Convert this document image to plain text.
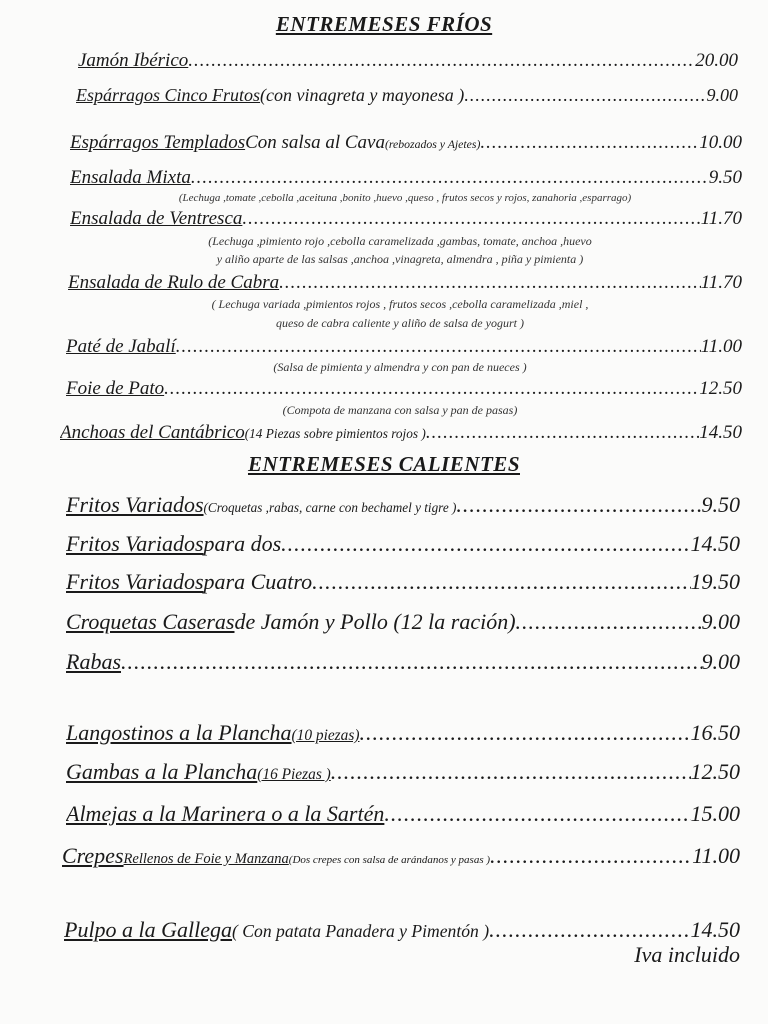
ENTREMESES FRÍOS
Jamón Ibérico .....	20.00
Espárragos Cinco Frutos (con vinagreta y mayonesa ) .....	9.00
Espárragos Templados Con salsa al Cava (rebozados y Ajetes) .....	10.00
Ensalada Mixta .....	9.50
(Lechuga ,tomate ,cebolla ,aceituna ,bonito ,huevo ,queso , frutos secos y rojos, zanahoria ,esparrago)
Ensalada de Ventresca .....	11.70
(Lechuga ,pimiento rojo ,cebolla caramelizada ,gambas, tomate, anchoa ,huevo
y aliño aparte de las salsas ,anchoa ,vinagreta, almendra , piña y pimienta )
Ensalada de Rulo de Cabra .....	11.70
( Lechuga variada ,pimientos rojos , frutos secos ,cebolla caramelizada ,miel ,
queso de cabra caliente y aliño de salsa de yogurt )
Paté de Jabalí .....	11.00
(Salsa de pimienta y almendra y con pan de nueces )
Foie de Pato .....	12.50
(Compota de manzana con salsa y pan de pasas)
Anchoas del Cantábrico (14 Piezas sobre pimientos rojos ) .....	14.50
ENTREMESES CALIENTES
Fritos Variados (Croquetas ,rabas, carne con bechamel y tigre ) .....	9.50
Fritos Variados para dos .....	14.50
Fritos Variados para Cuatro .....	19.50
Croquetas Caseras de Jamón y Pollo (12 la ración) .....	9.00
Rabas .....	9.00
Langostinos a la Plancha (10 piezas) .....	16.50
Gambas a la Plancha (16 Piezas ) .....	12.50
Almejas a la Marinera o a la Sartén .....	15.00
Crepes Rellenos de Foie y Manzana (Dos crepes con salsa de arándanos y pasas ) .....	11.00
Pulpo a la Gallega ( Con patata Panadera y Pimentón ) .....	14.50
Iva incluido
